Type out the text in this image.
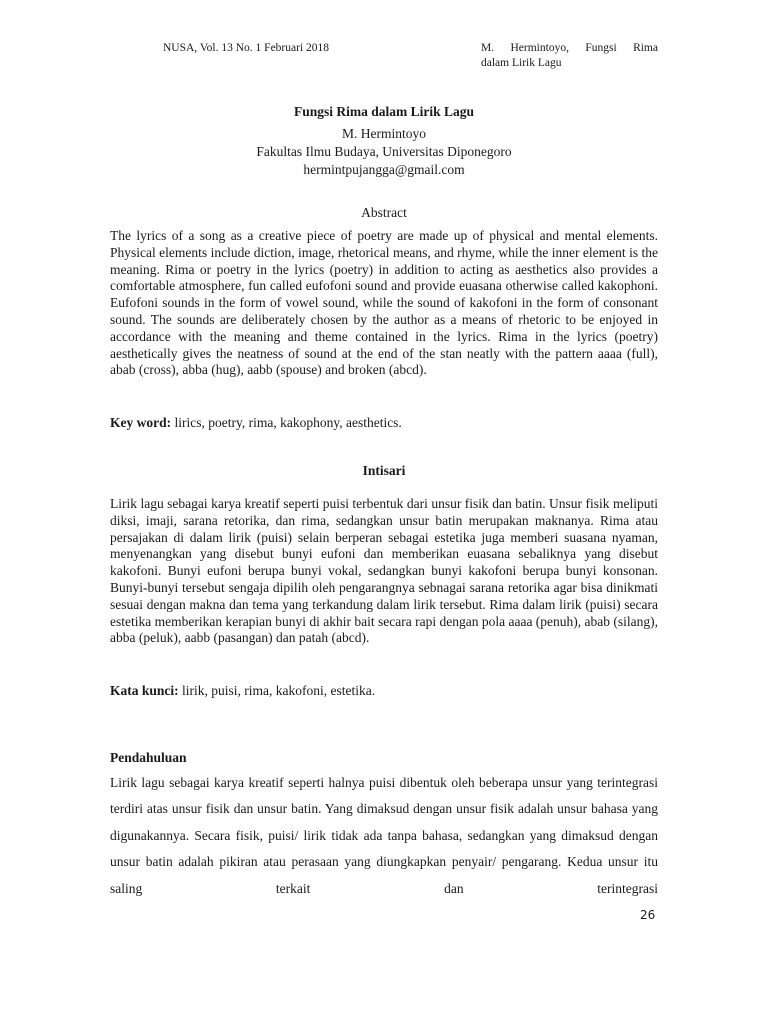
NUSA, Vol. 13 No. 1 Februari 2018	M. Hermintoyo, Fungsi Rima
dalam Lirik Lagu
Fungsi Rima dalam Lirik Lagu
M. Hermintoyo
Fakultas Ilmu Budaya, Universitas Diponegoro
hermintpujangga@gmail.com
Abstract

The lyrics of a song as a creative piece of poetry are made up of physical and mental elements. Physical elements include diction, image, rhetorical means, and rhyme, while the inner element is the meaning. Rima or poetry in the lyrics (poetry) in addition to acting as aesthetics also provides a comfortable atmosphere, fun called eufofoni sound and provide euasana otherwise called kakophoni. Eufofoni sounds in the form of vowel sound, while the sound of kakofoni in the form of consonant sound. The sounds are deliberately chosen by the author as a means of rhetoric to be enjoyed in accordance with the meaning and theme contained in the lyrics. Rima in the lyrics (poetry) aesthetically gives the neatness of sound at the end of the stan neatly with the pattern aaaa (full), abab (cross), abba (hug), aabb (spouse) and broken (abcd).

Key word: lirics, poetry, rima, kakophony, aesthetics.

Intisari

Lirik lagu sebagai karya kreatif seperti puisi terbentuk dari unsur fisik dan batin. Unsur fisik meliputi diksi, imaji, sarana retorika, dan rima, sedangkan unsur batin merupakan maknanya. Rima atau persajakan di dalam lirik (puisi) selain berperan sebagai estetika juga memberi suasana nyaman, menyenangkan yang disebut bunyi eufoni dan memberikan euasana sebaliknya yang disebut kakofoni. Bunyi eufoni berupa bunyi vokal, sedangkan bunyi kakofoni berupa bunyi konsonan. Bunyi-bunyi tersebut sengaja dipilih oleh pengarangnya sebnagai sarana retorika agar bisa dinikmati sesuai dengan makna dan tema yang terkandung dalam lirik tersebut. Rima dalam lirik (puisi) secara estetika memberikan kerapian bunyi di akhir bait secara rapi dengan pola aaaa (penuh), abab (silang), abba (peluk), aabb (pasangan) dan patah (abcd).

Kata kunci: lirik, puisi, rima, kakofoni, estetika.

Pendahuluan

Lirik lagu sebagai karya kreatif seperti halnya puisi dibentuk oleh beberapa unsur yang terintegrasi terdiri atas unsur fisik dan unsur batin. Yang dimaksud dengan unsur fisik adalah unsur bahasa yang digunakannya. Secara fisik, puisi/ lirik tidak ada tanpa bahasa, sedangkan yang dimaksud dengan unsur batin adalah pikiran atau perasaan yang diungkapkan penyair/ pengarang. Kedua unsur itu saling terkait dan terintegrasi

26
